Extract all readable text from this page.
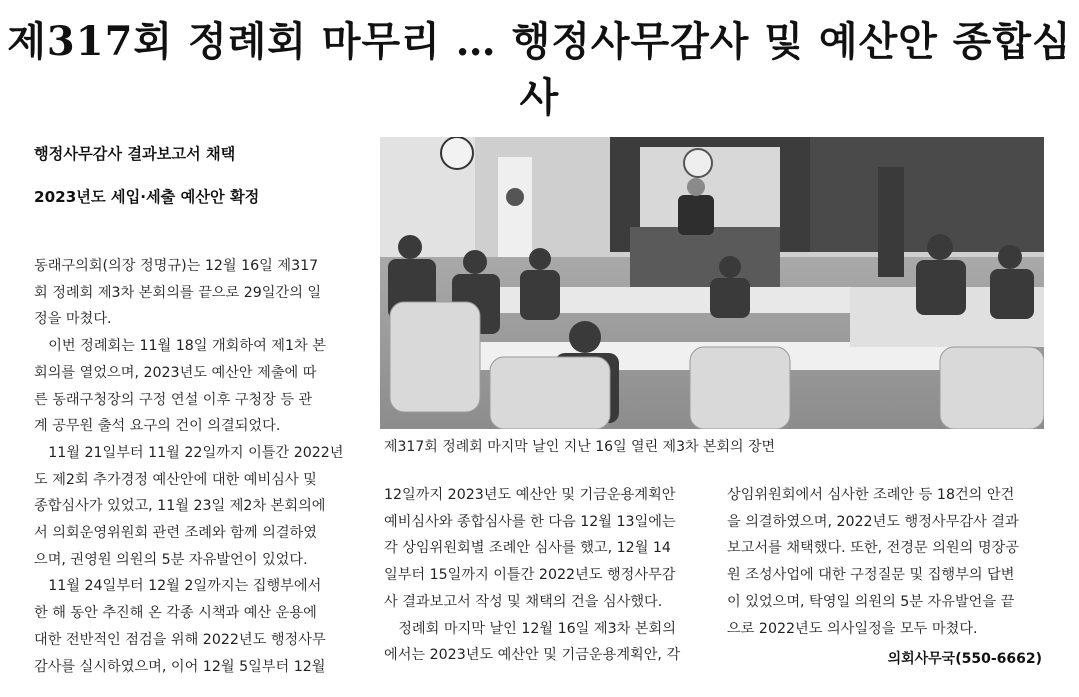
제317회 정례회 마무리 … 행정사무감사 및 예산안 종합심사
행정사무감사 결과보고서 채택
2023년도 세입·세출 예산안 확정

동래구의회(의장 정명규)는 12월 16일 제317

회 정례회 제3차 본회의를 끝으로 29일간의 일

정을 마쳤다.

　이번 정례회는 11월 18일 개회하여 제1차 본

회의를 열었으며, 2023년도 예산안 제출에 따

른 동래구청장의 구정 연설 이후 구청장 등 관

계 공무원 출석 요구의 건이 의결되었다.

　11월 21일부터 11월 22일까지 이틀간 2022년

도 제2회 추가경정 예산안에 대한 예비심사 및

종합심사가 있었고, 11월 23일 제2차 본회의에

서 의회운영위원회 관련 조례와 함께 의결하였

으며, 권영원 의원의 5분 자유발언이 있었다.

　11월 24일부터 12월 2일까지는 집행부에서

한 해 동안 추진해 온 각종 시책과 예산 운용에

대한 전반적인 점검을 위해 2022년도 행정사무

감사를 실시하였으며, 이어 12월 5일부터 12월

제317회 정례회 마지막 날인 지난 16일 열린 제3차 본회의 장면

12일까지 2023년도 예산안 및 기금운용계획안

예비심사와 종합심사를 한 다음 12월 13일에는

각 상임위원회별 조례안 심사를 했고, 12월 14

일부터 15일까지 이틀간 2022년도 행정사무감

사 결과보고서 작성 및 채택의 건을 심사했다.

　정례회 마지막 날인 12월 16일 제3차 본회의

에서는 2023년도 예산안 및 기금운용계획안, 각

상임위원회에서 심사한 조례안 등 18건의 안건

을 의결하였으며, 2022년도 행정사무감사 결과

보고서를 채택했다. 또한, 전경문 의원의 명장공

원 조성사업에 대한 구정질문 및 집행부의 답변

이 있었으며, 탁영일 의원의 5분 자유발언을 끝

으로 2022년도 의사일정을 모두 마쳤다.

의회사무국(550-6662)
